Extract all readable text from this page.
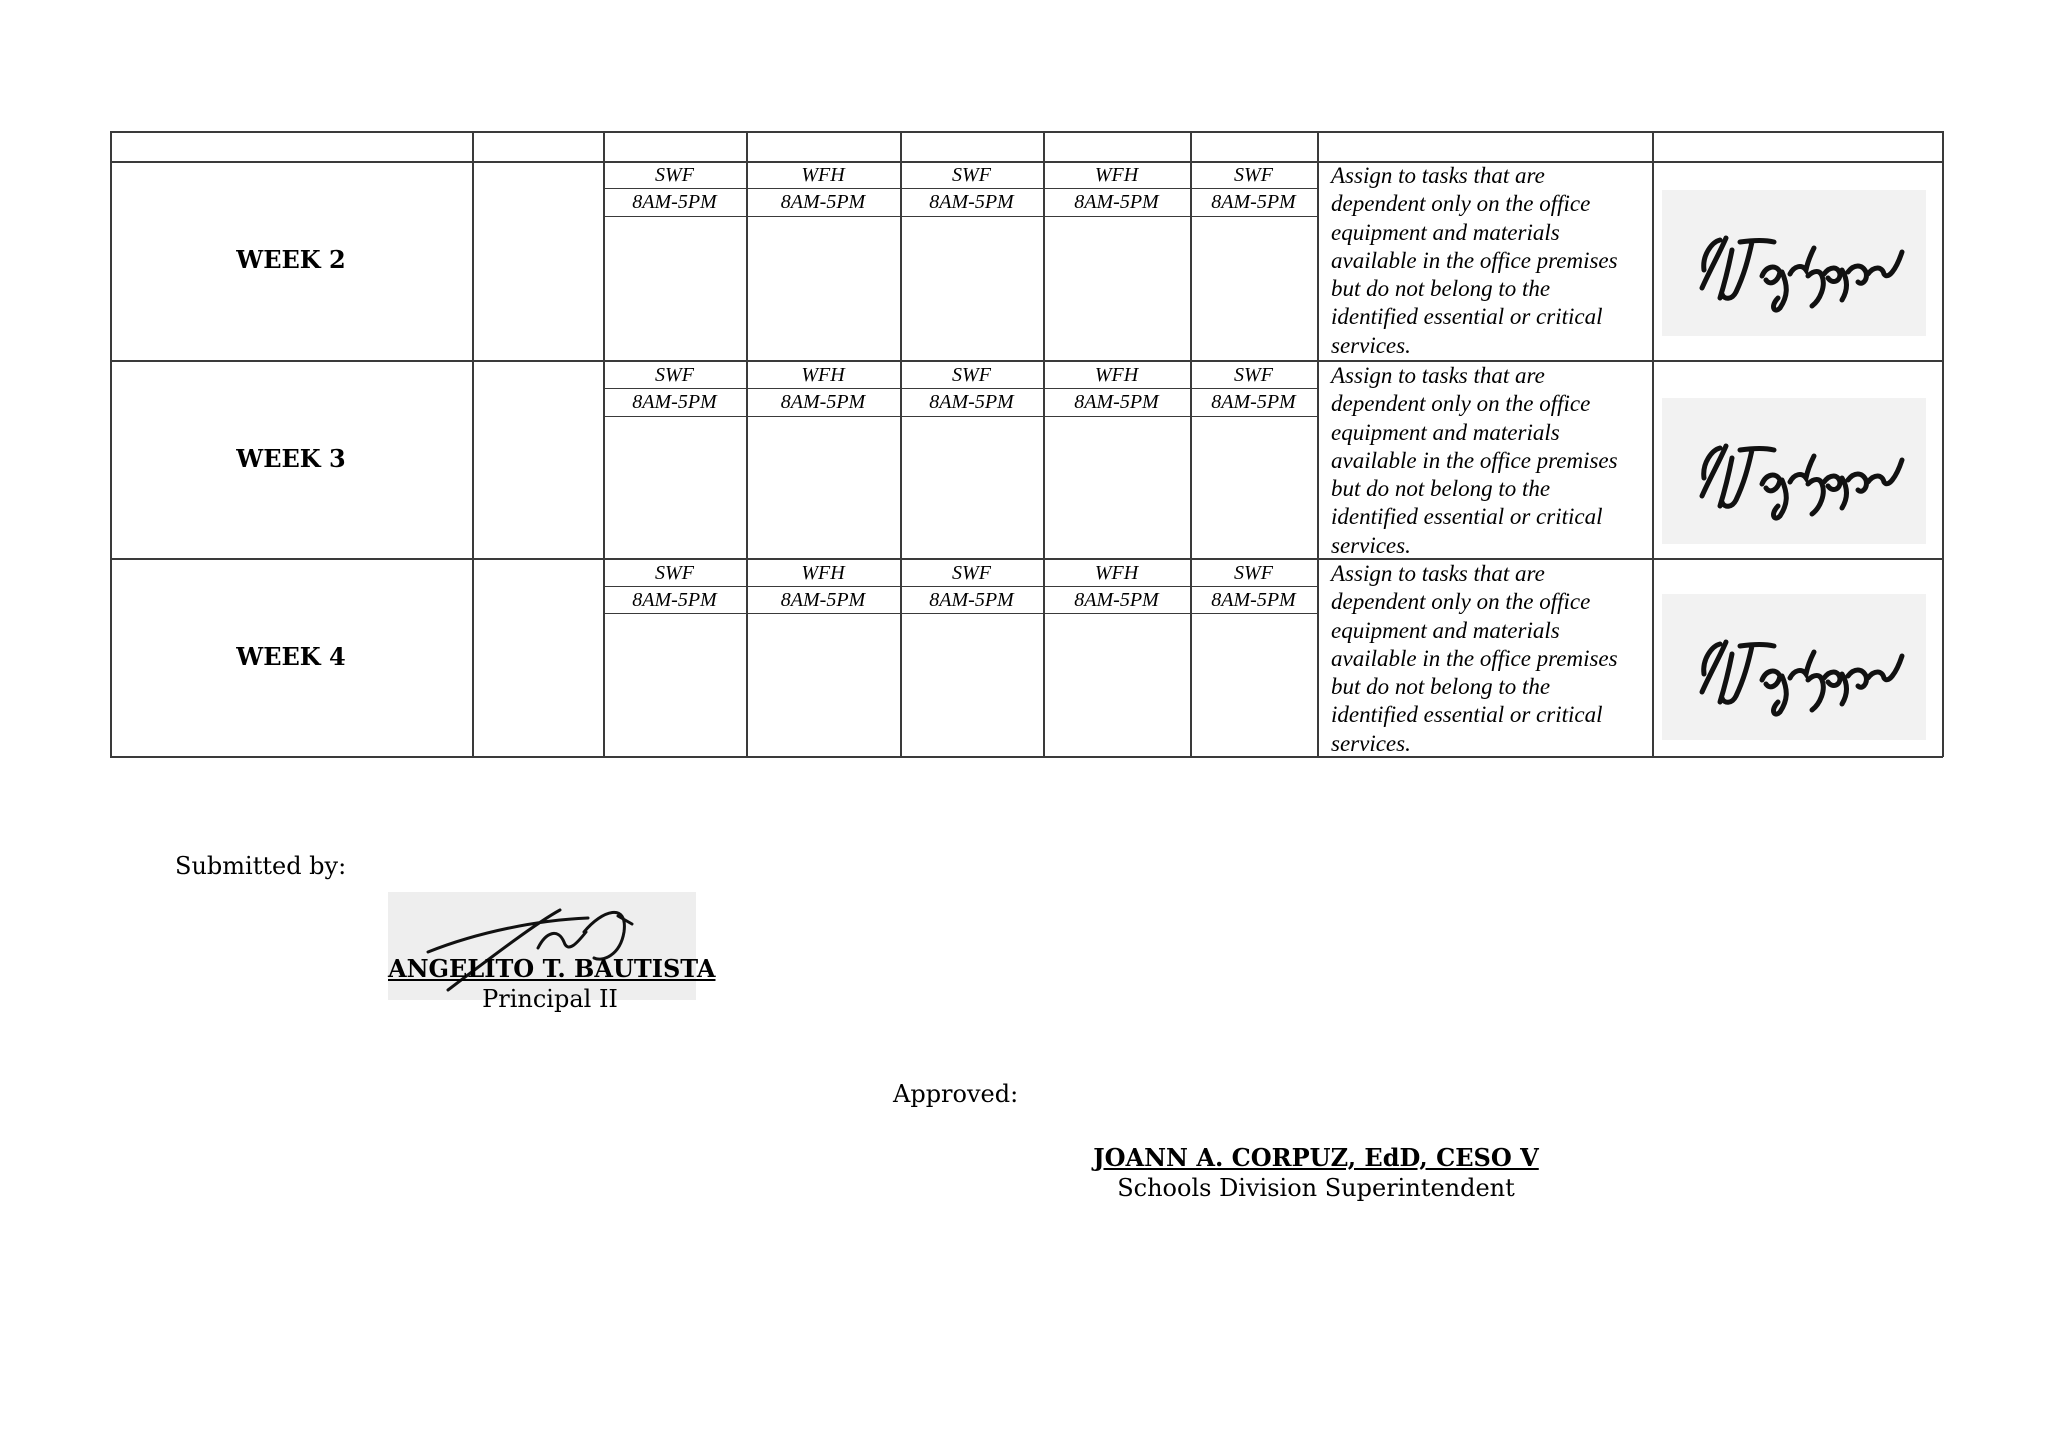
WEEK 2
SWF	WFH	SWF	WFH	SWF
8AM-5PM	8AM-5PM	8AM-5PM	8AM-5PM	8AM-5PM
Assign to tasks that are
dependent only on the office
equipment and materials
available in the office premises
but do not belong to the
identified essential or critical
services.
WEEK 3
SWF	WFH	SWF	WFH	SWF
8AM-5PM	8AM-5PM	8AM-5PM	8AM-5PM	8AM-5PM
Assign to tasks that are
dependent only on the office
equipment and materials
available in the office premises
but do not belong to the
identified essential or critical
services.
WEEK 4
SWF	WFH	SWF	WFH	SWF
8AM-5PM	8AM-5PM	8AM-5PM	8AM-5PM	8AM-5PM
Assign to tasks that are
dependent only on the office
equipment and materials
available in the office premises
but do not belong to the
identified essential or critical
services.
Submitted by:
ANGELITO T. BAUTISTA
Principal II
Approved:
JOANN A. CORPUZ, EdD, CESO V
Schools Division Superintendent
